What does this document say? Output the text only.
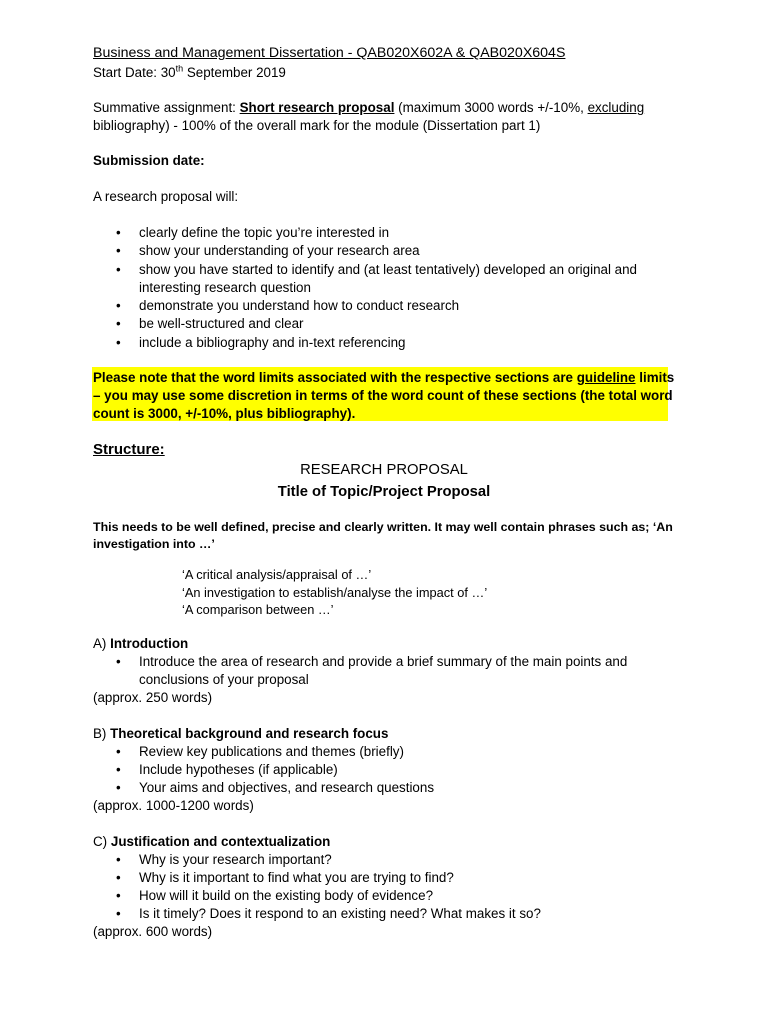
Business and Management Dissertation - QAB020X602A & QAB020X604S
Start Date: 30th September 2019
Summative assignment: Short research proposal (maximum 3000 words +/-10%, excluding
bibliography) - 100% of the overall mark for the module (Dissertation part 1)
Submission date:
A research proposal will:
• clearly define the topic you’re interested in
• show your understanding of your research area
• show you have started to identify and (at least tentatively) developed an original and
interesting research question
• demonstrate you understand how to conduct research
• be well-structured and clear
• include a bibliography and in-text referencing
Please note that the word limits associated with the respective sections are guideline limits
– you may use some discretion in terms of the word count of these sections (the total word
count is 3000, +/-10%, plus bibliography).
Structure:
RESEARCH PROPOSAL
Title of Topic/Project Proposal
This needs to be well defined, precise and clearly written. It may well contain phrases such as; ‘An
investigation into …’
‘A critical analysis/appraisal of …’
‘An investigation to establish/analyse the impact of …’
‘A comparison between …’
A) Introduction
• Introduce the area of research and provide a brief summary of the main points and
conclusions of your proposal
(approx. 250 words)
B) Theoretical background and research focus
• Review key publications and themes (briefly)
• Include hypotheses (if applicable)
• Your aims and objectives, and research questions
(approx. 1000-1200 words)
C) Justification and contextualization
• Why is your research important?
• Why is it important to find what you are trying to find?
• How will it build on the existing body of evidence?
• Is it timely? Does it respond to an existing need? What makes it so?
(approx. 600 words)
